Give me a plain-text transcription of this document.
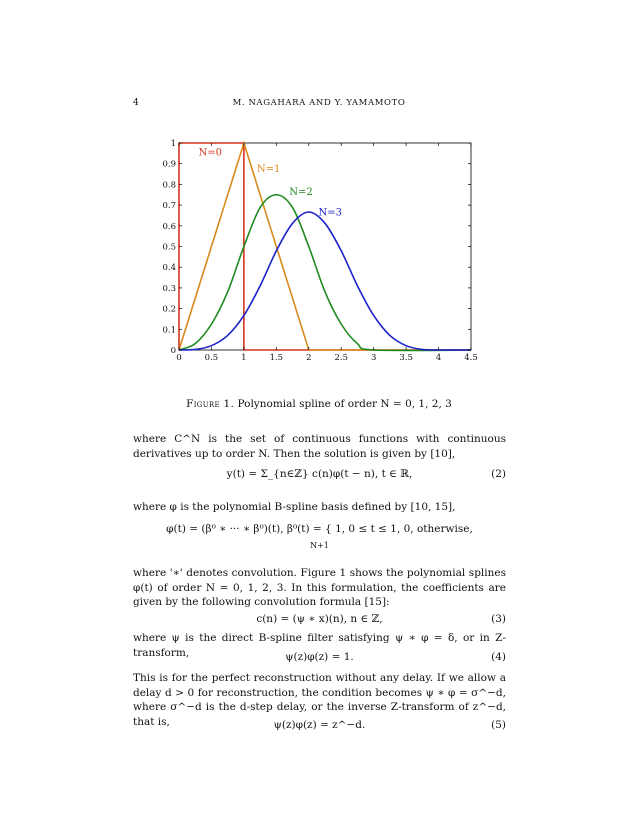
4	M. NAGAHARA AND Y. YAMAMOTO
0	0.5	1	1.5	2	2.5	3	3.5	4	4.5
0
0.1
0.2
0.3
0.4
0.5
0.6
0.7
0.8
0.9
1
N=0
N=1
N=2
N=3
Figure 1. Polynomial spline of order N = 0, 1, 2, 3
where C^N is the set of continuous functions with continuous derivatives up to order N. Then the solution is given by [10],
y(t) = Σ_{n∈ℤ} c(n)φ(t − n), t ∈ ℝ,	(2)
where φ is the polynomial B-spline basis defined by [10, 15],
φ(t) = (β⁰ ∗ ··· ∗ β⁰)(t), β⁰(t) = { 1, 0 ≤ t ≤ 1, 0, otherwise,
N+1
where '∗' denotes convolution. Figure 1 shows the polynomial splines φ(t) of order N = 0, 1, 2, 3. In this formulation, the coefficients are given by the following convolution formula [15]:
c(n) = (ψ ∗ x)(n), n ∈ ℤ,	(3)
where ψ is the direct B-spline filter satisfying ψ ∗ φ = δ, or in Z-transform,	ψ(z)φ(z) = 1.	(4)
This is for the perfect reconstruction without any delay. If we allow a delay d > 0 for reconstruction, the condition becomes ψ ∗ φ = σ^−d, where σ^−d is the d-step delay, or the inverse Z-transform of z^−d, that is,	ψ(z)φ(z) = z^−d.	(5)
